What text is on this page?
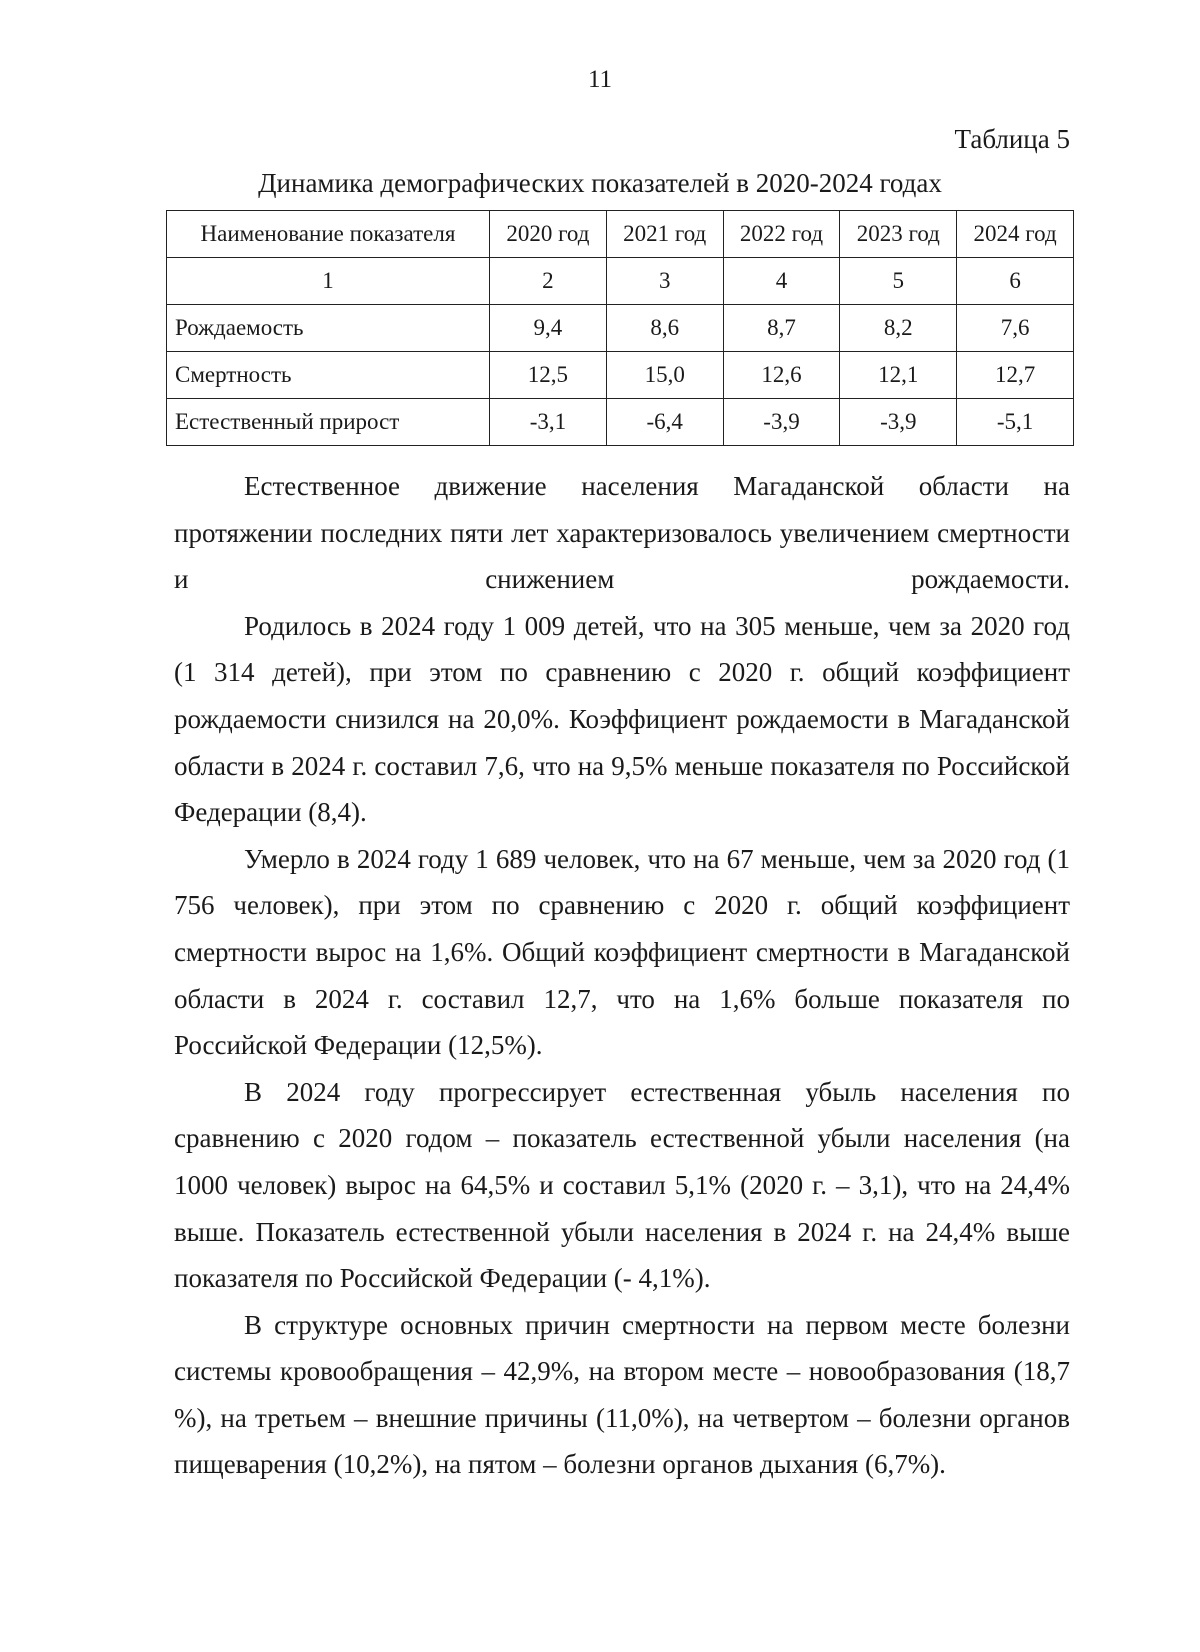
11
Таблица 5
Динамика демографических показателей в 2020-2024 годах
Наименование показателя	2020 год	2021 год	2022 год	2023 год	2024 год
1	2	3	4	5	6
Рождаемость	9,4	8,6	8,7	8,2	7,6
Смертность	12,5	15,0	12,6	12,1	12,7
Естественный прирост	-3,1	-6,4	-3,9	-3,9	-5,1

Естественное движение населения Магаданской области на протяжении последних пяти лет характеризовалось увеличением смертности и снижением рождаемости.

Родилось в 2024 году 1 009 детей, что на 305 меньше, чем за 2020 год (1 314 детей), при этом по сравнению с 2020 г. общий коэффициент рождаемости снизился на 20,0%. Коэффициент рождаемости в Магаданской области в 2024 г. составил 7,6, что на 9,5% меньше показателя по Российской Федерации (8,4).

Умерло в 2024 году 1 689 человек, что на 67 меньше, чем за 2020 год (1 756 человек), при этом по сравнению с 2020 г. общий коэффициент смертности вырос на 1,6%. Общий коэффициент смертности в Магаданской области в 2024 г. составил 12,7, что на 1,6% больше показателя по Российской Федерации (12,5%).

В 2024 году прогрессирует естественная убыль населения по сравнению с 2020 годом – показатель естественной убыли населения (на 1000 человек) вырос на 64,5% и составил 5,1% (2020 г. – 3,1), что на 24,4% выше. Показатель естественной убыли населения в 2024 г. на 24,4% выше показателя по Российской Федерации (- 4,1%).

В структуре основных причин смертности на первом месте болезни системы кровообращения – 42,9%, на втором месте – новообразования (18,7 %), на третьем – внешние причины (11,0%), на четвертом – болезни органов пищеварения (10,2%), на пятом – болезни органов дыхания (6,7%).
